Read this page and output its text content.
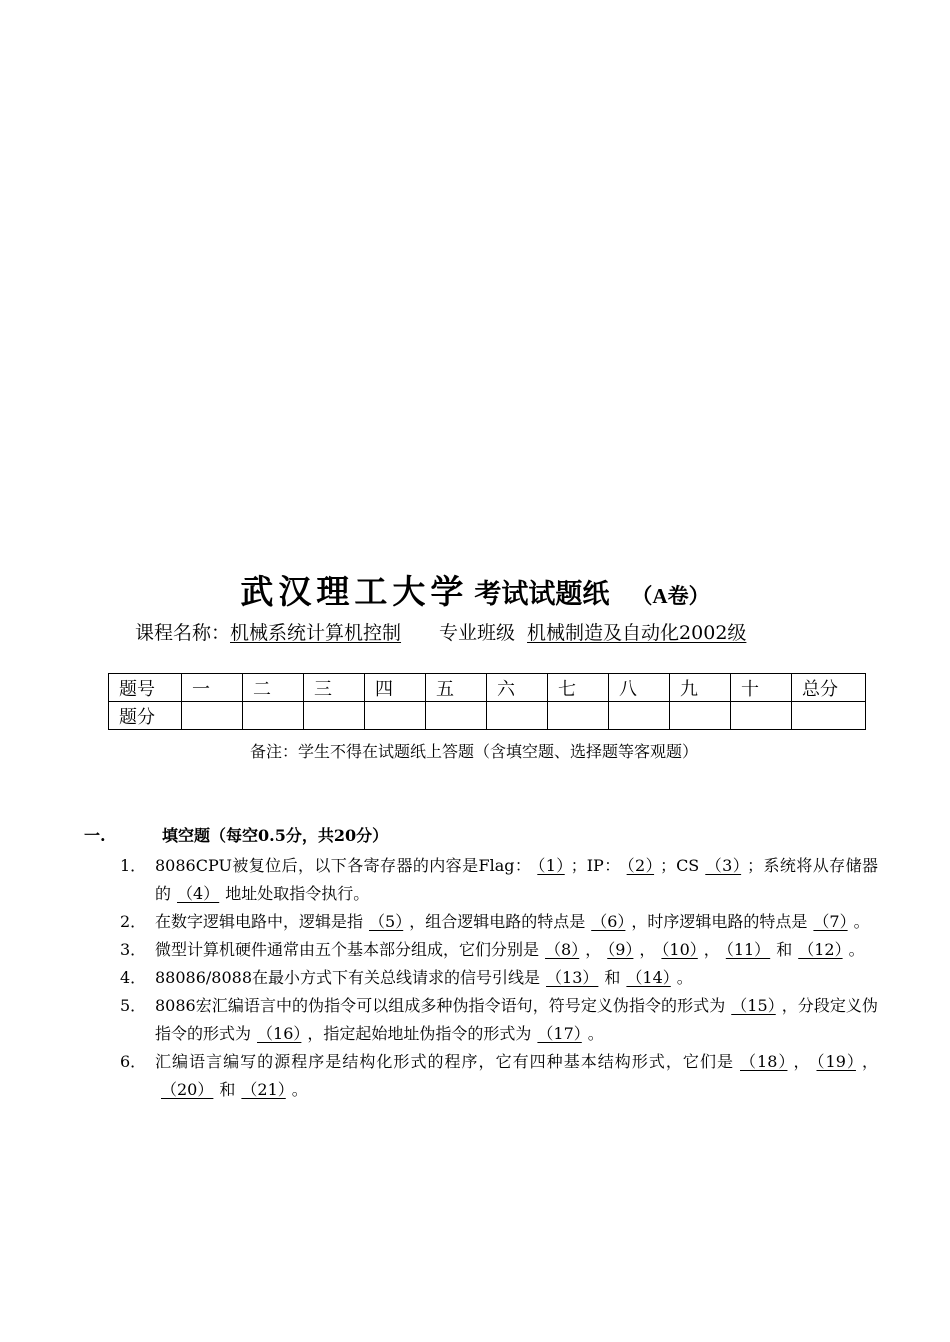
武汉理工大学 考试试题纸 （A卷）
课程名称：机械系统计算机控制 专业班级 机械制造及自动化2002级
题号	一	二	三	四	五	六	七	八	九	十	总分
题分											
备注：学生不得在试题纸上答题（含填空题、选择题等客观题）
一.	填空题（每空0.5分，共20分）
1． 8086CPU被复位后，以下各寄存器的内容是Flag： （1） ；IP： （2） ；CS （3） ；系统将从存储器的 （4） 地址处取指令执行。
2． 在数字逻辑电路中，逻辑是指 （5） ，组合逻辑电路的特点是 （6） ，时序逻辑电路的特点是 （7） 。
3． 微型计算机硬件通常由五个基本部分组成，它们分别是 （8） ， （9） ， （10） ， （11） 和 （12） 。
4． 88086/8088在最小方式下有关总线请求的信号引线是 （13） 和 （14） 。
5． 8086宏汇编语言中的伪指令可以组成多种伪指令语句，符号定义伪指令的形式为 （15） ，分段定义伪指令的形式为 （16） ，指定起始地址伪指令的形式为 （17） 。
6． 汇编语言编写的源程序是结构化形式的程序，它有四种基本结构形式，它们是 （18） ， （19） ，（20） 和 （21） 。
